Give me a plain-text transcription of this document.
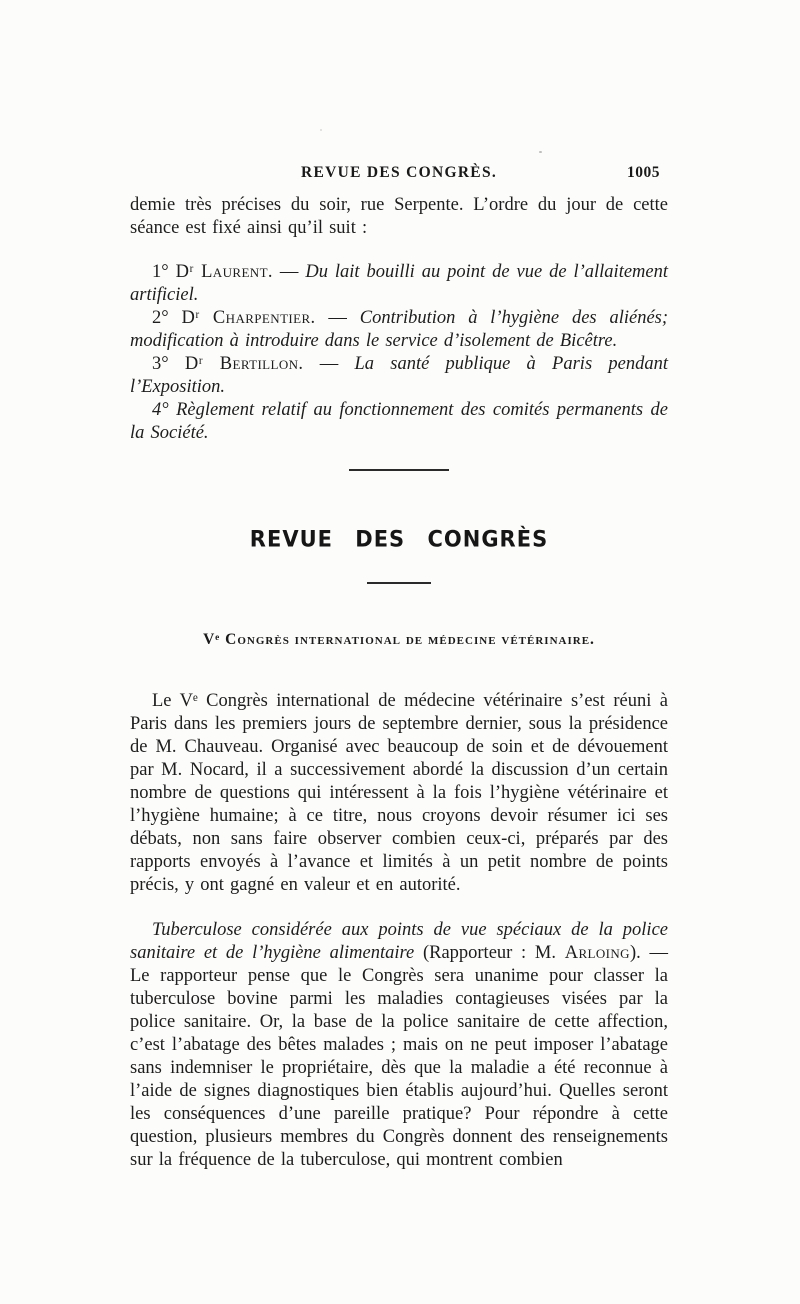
REVUE DES CONGRÈS.	1005

demie très précises du soir, rue Serpente. L’ordre du jour de cette séance est fixé ainsi qu’il suit :

1° Dʳ Laurent. — Du lait bouilli au point de vue de l’allaitement artificiel.

2° Dʳ Charpentier. — Contribution à l’hygiène des aliénés; modification à introduire dans le service d’isolement de Bicêtre.

3° Dʳ Bertillon. — La santé publique à Paris pendant l’Exposition.

4° Règlement relatif au fonctionnement des comités permanents de la Société.

REVUE DES CONGRÈS
Vᵉ Congrès international de médecine vétérinaire.

Le Vᵉ Congrès international de médecine vétérinaire s’est réuni à Paris dans les premiers jours de septembre dernier, sous la présidence de M. Chauveau. Organisé avec beaucoup de soin et de dévouement par M. Nocard, il a successivement abordé la discussion d’un certain nombre de questions qui intéressent à la fois l’hygiène vétérinaire et l’hygiène humaine; à ce titre, nous croyons devoir résumer ici ses débats, non sans faire observer combien ceux-ci, préparés par des rapports envoyés à l’avance et limités à un petit nombre de points précis, y ont gagné en valeur et en autorité.

Tuberculose considérée aux points de vue spéciaux de la police sanitaire et de l’hygiène alimentaire (Rapporteur : M. Arloing). — Le rapporteur pense que le Congrès sera unanime pour classer la tuberculose bovine parmi les maladies contagieuses visées par la police sanitaire. Or, la base de la police sanitaire de cette affection, c’est l’abatage des bêtes malades ; mais on ne peut imposer l’abatage sans indemniser le propriétaire, dès que la maladie a été reconnue à l’aide de signes diagnostiques bien établis aujourd’hui. Quelles seront les conséquences d’une pareille pratique? Pour répondre à cette question, plusieurs membres du Congrès donnent des renseignements sur la fréquence de la tuberculose, qui montrent combien
